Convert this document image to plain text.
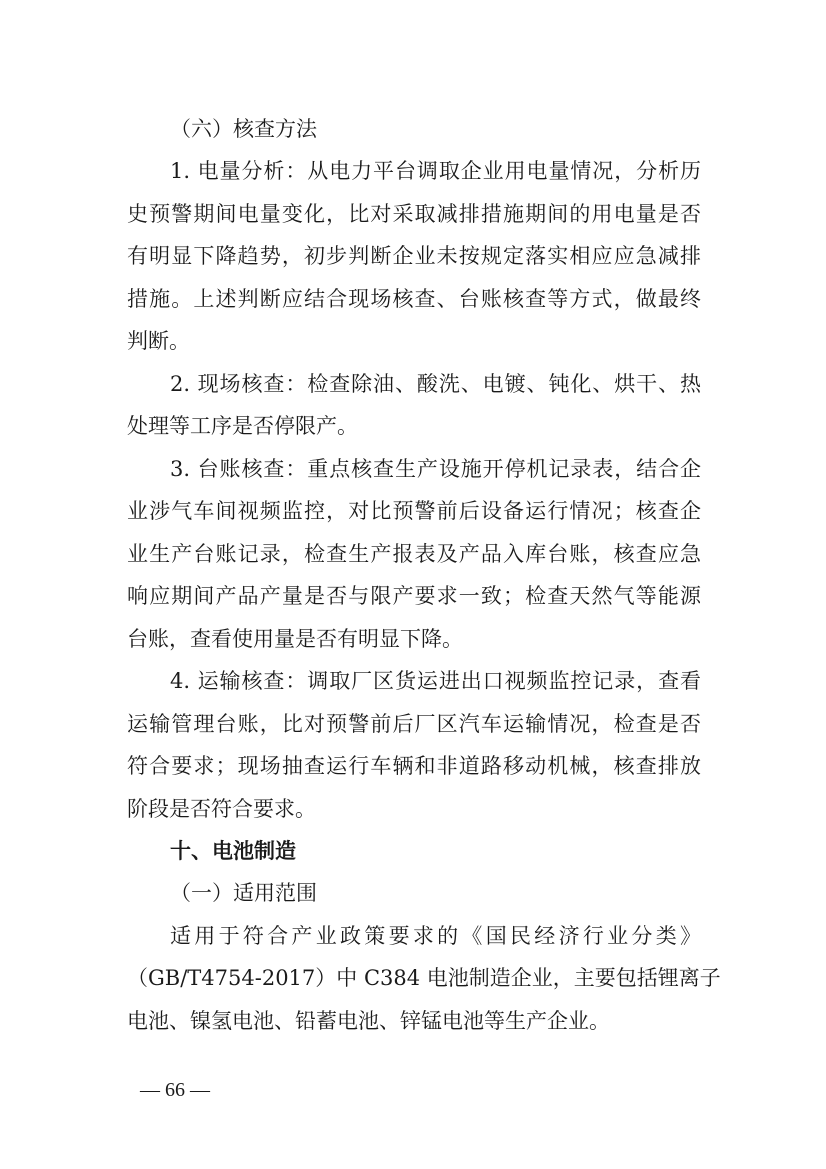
（六）核查方法
1. 电量分析：从电力平台调取企业用电量情况，分析历
史预警期间电量变化，比对采取减排措施期间的用电量是否
有明显下降趋势，初步判断企业未按规定落实相应应急减排
措施。上述判断应结合现场核查、台账核查等方式，做最终
判断。
2. 现场核查：检查除油、酸洗、电镀、钝化、烘干、热
处理等工序是否停限产。
3. 台账核查：重点核查生产设施开停机记录表，结合企
业涉气车间视频监控，对比预警前后设备运行情况；核查企
业生产台账记录，检查生产报表及产品入库台账，核查应急
响应期间产品产量是否与限产要求一致；检查天然气等能源
台账，查看使用量是否有明显下降。
4. 运输核查：调取厂区货运进出口视频监控记录，查看
运输管理台账，比对预警前后厂区汽车运输情况，检查是否
符合要求；现场抽查运行车辆和非道路移动机械，核查排放
阶段是否符合要求。
十、电池制造
（一）适用范围
适用于符合产业政策要求的《国民经济行业分类》
（GB/T4754-2017）中 C384 电池制造企业，主要包括锂离子
电池、镍氢电池、铅蓄电池、锌锰电池等生产企业。
— 66 —
